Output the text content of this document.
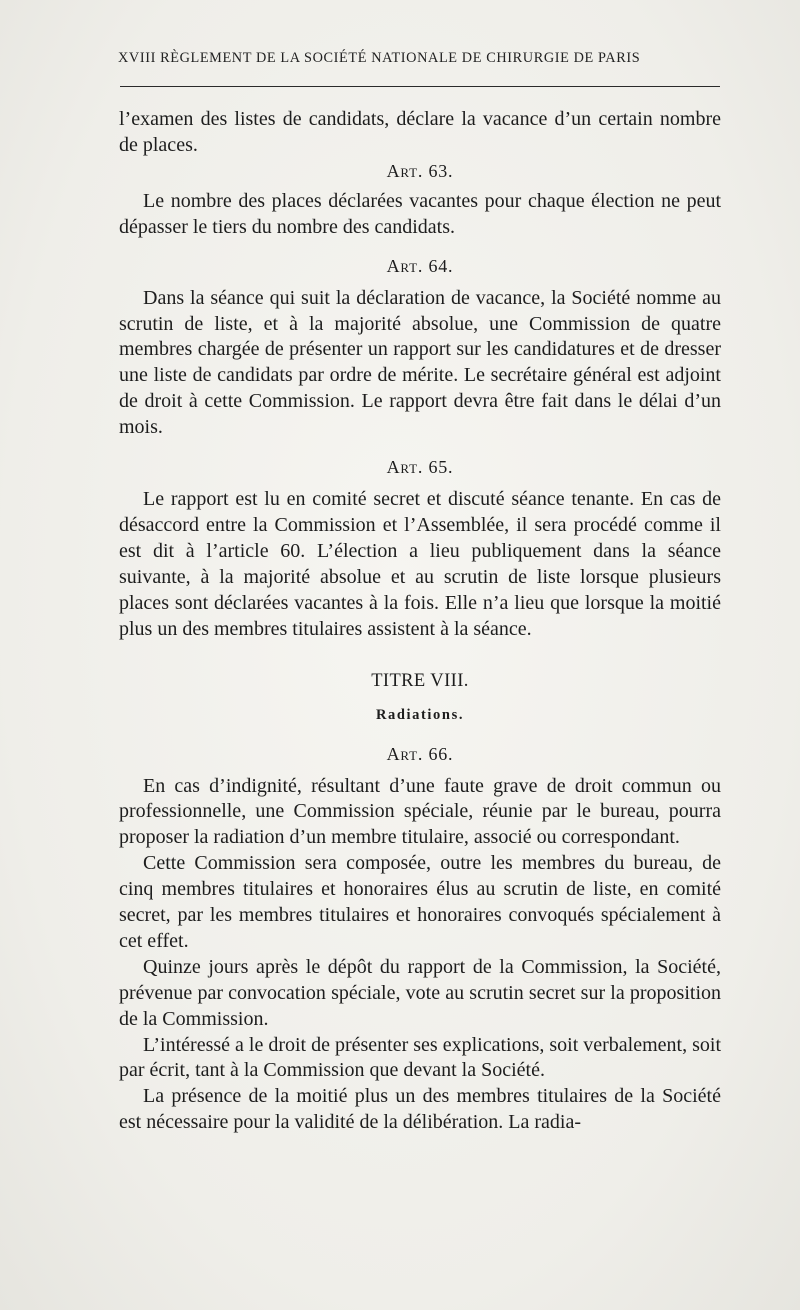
XVIII RÈGLEMENT DE LA SOCIÉTÉ NATIONALE DE CHIRURGIE DE PARIS

l’examen des listes de candidats, déclare la vacance d’un certain nombre de places.

Art. 63.

Le nombre des places déclarées vacantes pour chaque élection ne peut dépasser le tiers du nombre des candidats.

Art. 64.

Dans la séance qui suit la déclaration de vacance, la Société nomme au scrutin de liste, et à la majorité absolue, une Commission de quatre membres chargée de présenter un rapport sur les candidatures et de dresser une liste de candidats par ordre de mérite. Le secrétaire général est adjoint de droit à cette Commission. Le rapport devra être fait dans le délai d’un mois.

Art. 65.

Le rapport est lu en comité secret et discuté séance tenante. En cas de désaccord entre la Commission et l’Assemblée, il sera procédé comme il est dit à l’article 60. L’élection a lieu publiquement dans la séance suivante, à la majorité absolue et au scrutin de liste lorsque plusieurs places sont déclarées vacantes à la fois. Elle n’a lieu que lorsque la moitié plus un des membres titulaires assistent à la séance.

TITRE VIII.

Radiations.

Art. 66.

En cas d’indignité, résultant d’une faute grave de droit commun ou professionnelle, une Commission spéciale, réunie par le bureau, pourra proposer la radiation d’un membre titulaire, associé ou correspondant.

Cette Commission sera composée, outre les membres du bureau, de cinq membres titulaires et honoraires élus au scrutin de liste, en comité secret, par les membres titulaires et honoraires convoqués spécialement à cet effet.

Quinze jours après le dépôt du rapport de la Commission, la Société, prévenue par convocation spéciale, vote au scrutin secret sur la proposition de la Commission.

L’intéressé a le droit de présenter ses explications, soit verbalement, soit par écrit, tant à la Commission que devant la Société.

La présence de la moitié plus un des membres titulaires de la Société est nécessaire pour la validité de la délibération. La radia-
